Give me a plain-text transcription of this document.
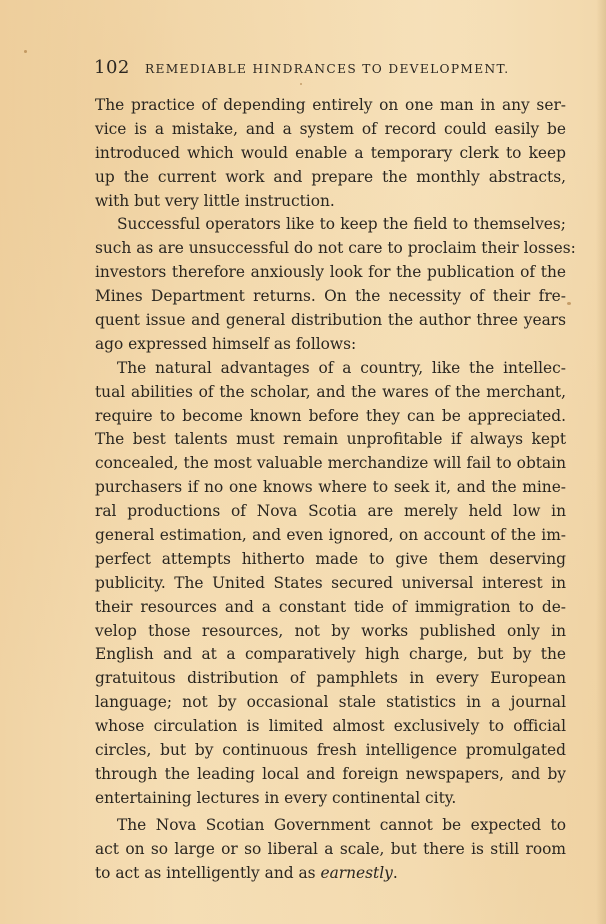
102 REMEDIABLE HINDRANCES TO DEVELOPMENT.
The practice of depending entirely on one man in any ser-
vice is a mistake, and a system of record could easily be
introduced which would enable a temporary clerk to keep
up the current work and prepare the monthly abstracts,
with but very little instruction.
Successful operators like to keep the field to themselves;
such as are unsuccessful do not care to proclaim their losses:
investors therefore anxiously look for the publication of the
Mines Department returns. On the necessity of their fre-
quent issue and general distribution the author three years
ago expressed himself as follows:
The natural advantages of a country, like the intellec-
tual abilities of the scholar, and the wares of the merchant,
require to become known before they can be appreciated.
The best talents must remain unprofitable if always kept
concealed, the most valuable merchandize will fail to obtain
purchasers if no one knows where to seek it, and the mine-
ral productions of Nova Scotia are merely held low in
general estimation, and even ignored, on account of the im-
perfect attempts hitherto made to give them deserving
publicity. The United States secured universal interest in
their resources and a constant tide of immigration to de-
velop those resources, not by works published only in
English and at a comparatively high charge, but by the
gratuitous distribution of pamphlets in every European
language; not by occasional stale statistics in a journal
whose circulation is limited almost exclusively to official
circles, but by continuous fresh intelligence promulgated
through the leading local and foreign newspapers, and by
entertaining lectures in every continental city.
The Nova Scotian Government cannot be expected to
act on so large or so liberal a scale, but there is still room
to act as intelligently and as earnestly.
